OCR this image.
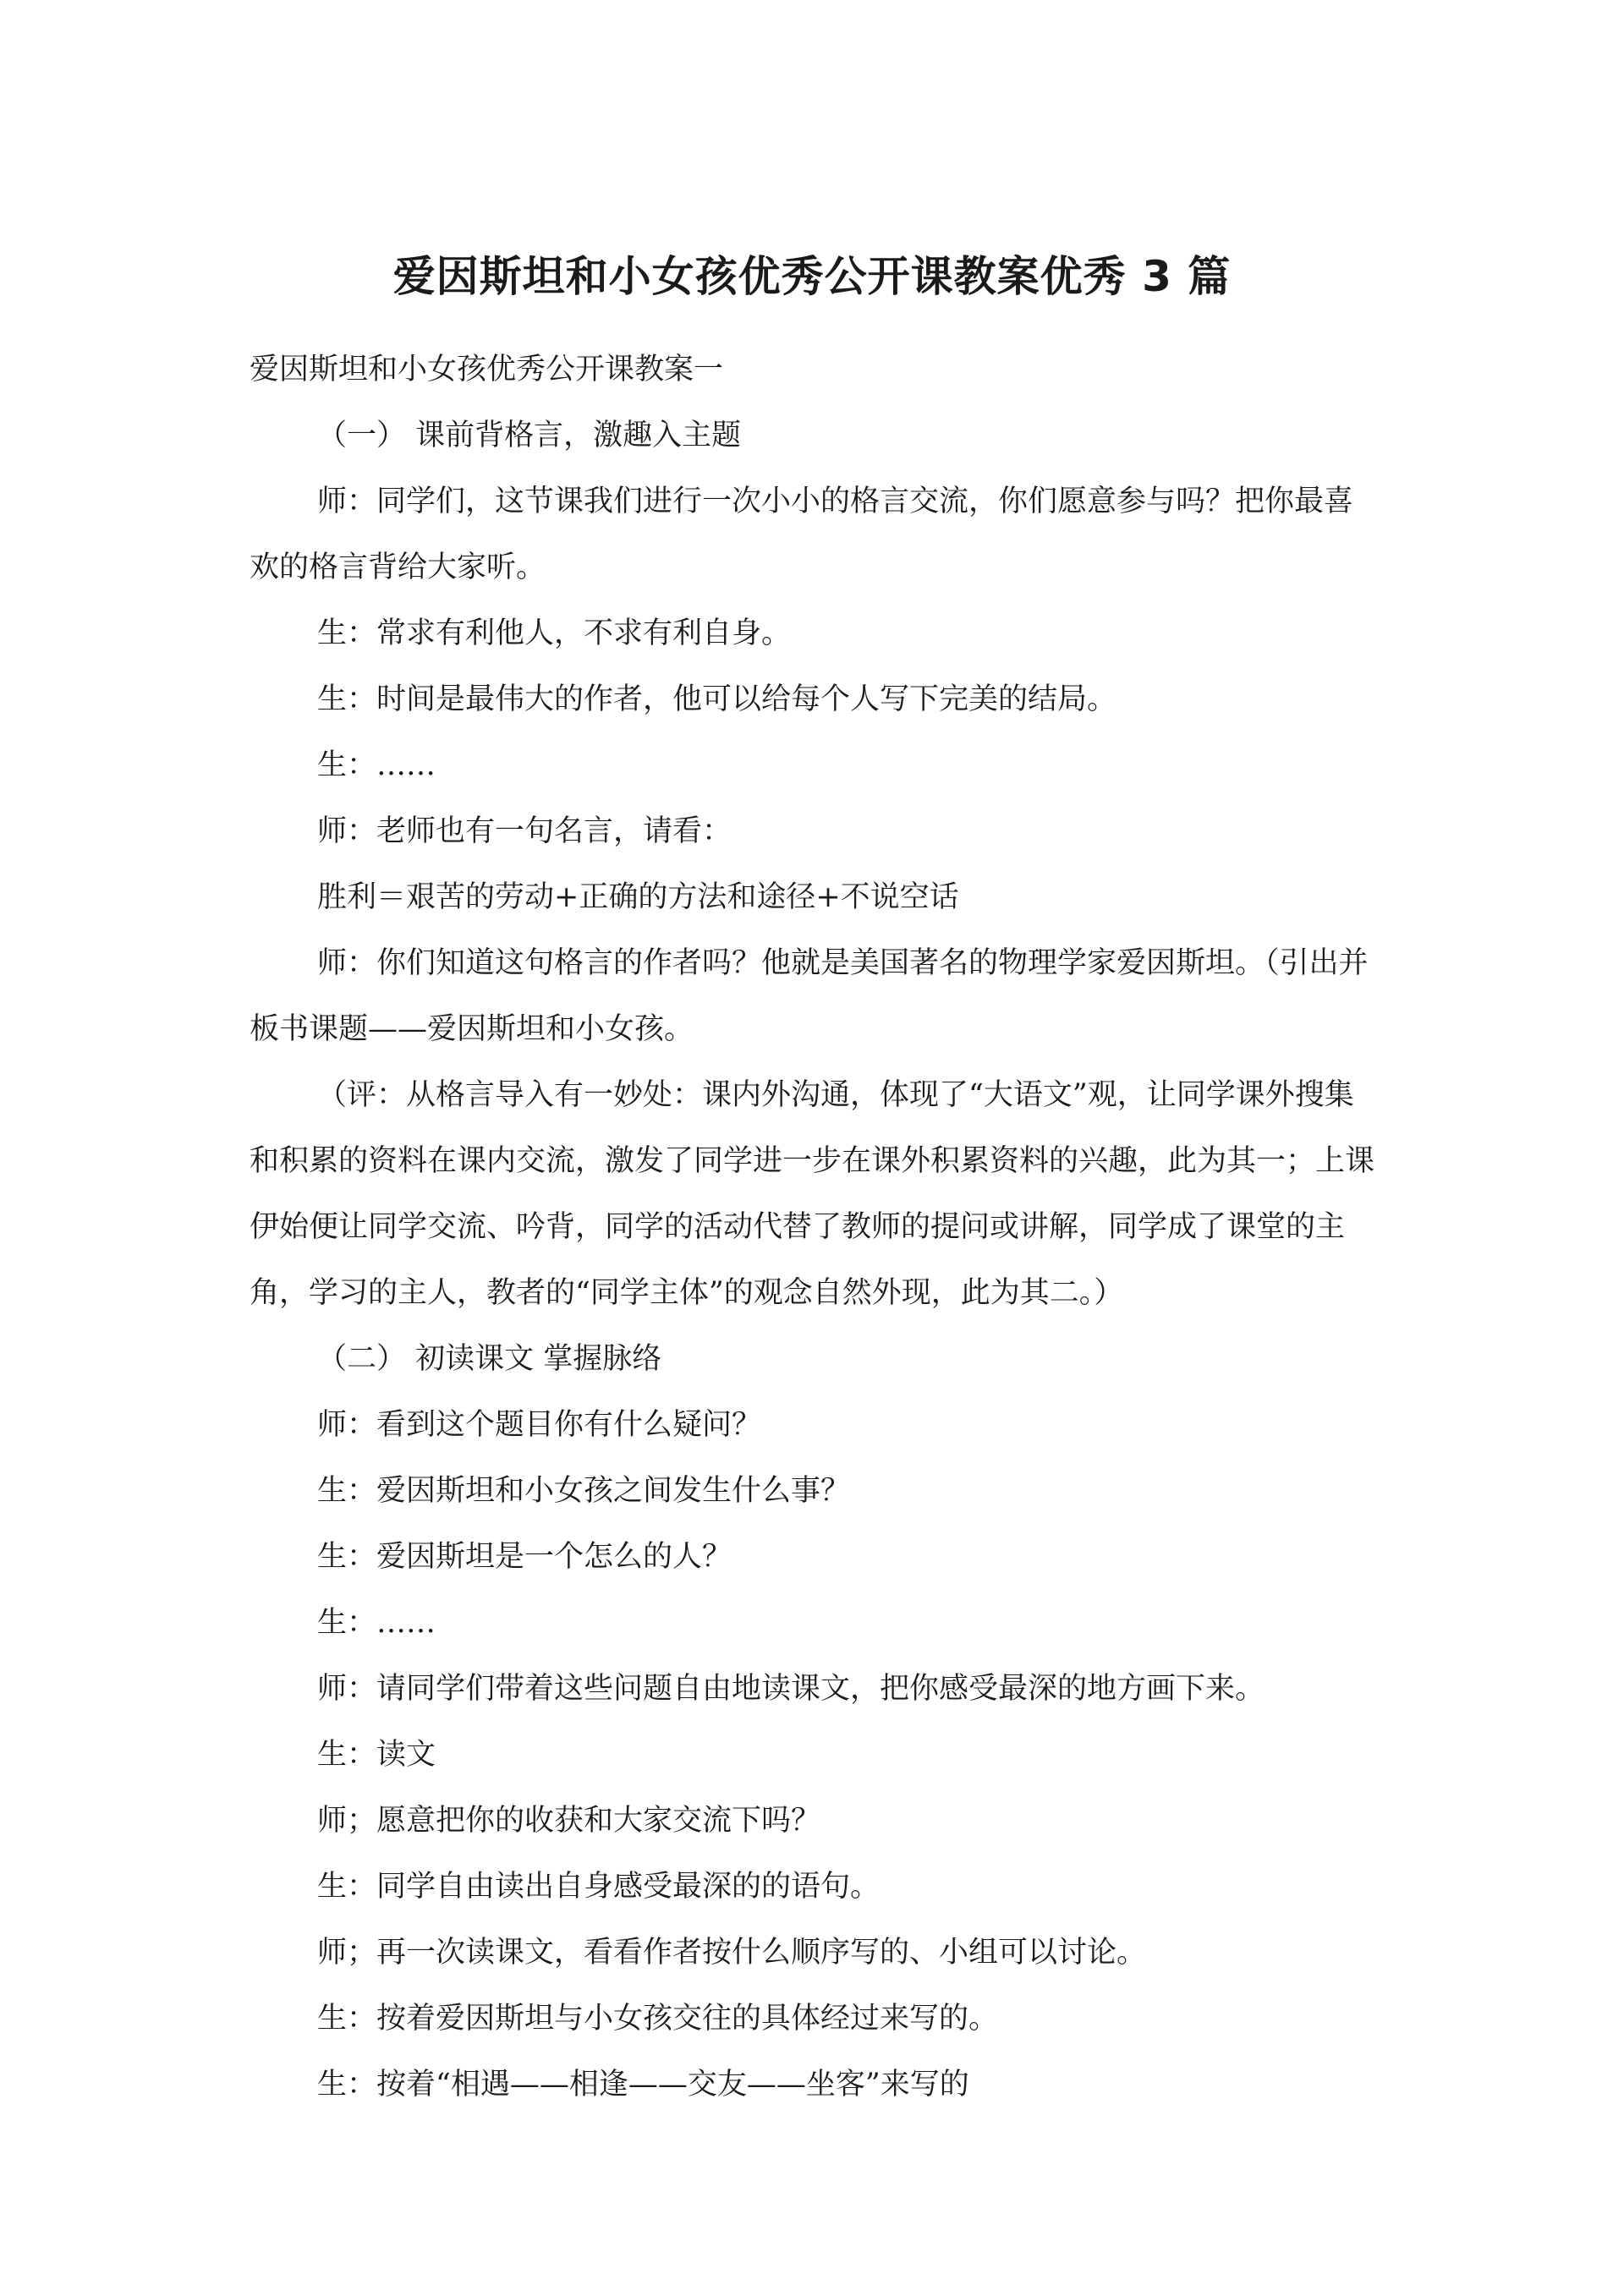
爱因斯坦和小女孩优秀公开课教案优秀 3 篇

爱因斯坦和小女孩优秀公开课教案一

（一） 课前背格言，激趣入主题

师：同学们，这节课我们进行一次小小的格言交流，你们愿意参与吗？把你最喜欢的格言背给大家听。

生：常求有利他人，不求有利自身。

生：时间是最伟大的作者，他可以给每个人写下完美的结局。

生：……

师：老师也有一句名言，请看：

胜利＝艰苦的劳动+正确的方法和途径+不说空话

师：你们知道这句格言的作者吗？他就是美国著名的物理学家爱因斯坦。（引出并板书课题——爱因斯坦和小女孩。

（评：从格言导入有一妙处：课内外沟通，体现了“大语文”观，让同学课外搜集和积累的资料在课内交流，激发了同学进一步在课外积累资料的兴趣，此为其一；上课伊始便让同学交流、吟背，同学的活动代替了教师的提问或讲解，同学成了课堂的主角，学习的主人，教者的“同学主体”的观念自然外现，此为其二。）

（二） 初读课文 掌握脉络

师：看到这个题目你有什么疑问？

生：爱因斯坦和小女孩之间发生什么事？

生：爱因斯坦是一个怎么的人？

生：……

师：请同学们带着这些问题自由地读课文，把你感受最深的地方画下来。

生：读文

师；愿意把你的收获和大家交流下吗？

生：同学自由读出自身感受最深的的语句。

师；再一次读课文，看看作者按什么顺序写的、小组可以讨论。

生：按着爱因斯坦与小女孩交往的具体经过来写的。

生：按着“相遇——相逢——交友——坐客”来写的
